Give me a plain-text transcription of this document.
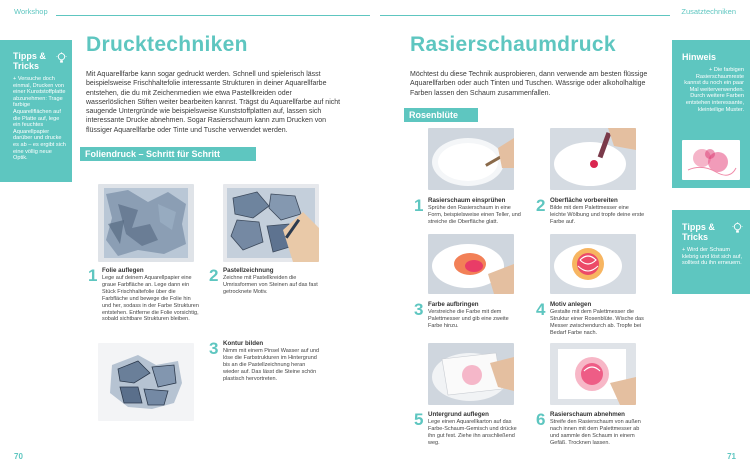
Workshop	Zusatztechniken
Tipps & Tricks
+ Versuche doch einmal, Drucken von einer Kunststoffplatte abzunehmen: Trage farbige Aquarellflächen auf die Platte auf, lege ein feuchtes Aquarellpapier darüber und drucke es ab – es ergibt sich eine völlig neue Optik.
Drucktechniken
Mit Aquarellfarbe kann sogar gedruckt werden. Schnell und spielerisch lässt beispielsweise Frischhaltefolie interessante Strukturen in deiner Aquarellfarbe entstehen, die du mit Zeichenmedien wie etwa Pastellkreiden oder wasserlöslichen Stiften weiter bearbeiten kannst. Trägst du Aquarellfarbe auf nicht saugende Untergründe wie beispielsweise Kunststoffplatten auf, lassen sich interessante Drucke abnehmen. Sogar Rasierschaum kann zum Drucken von flüssiger Aquarellfarbe oder Tinte und Tusche verwendet werden.
Foliendruck – Schritt für Schritt
1 Folie auflegen
Lege auf deinem Aquarellpapier eine graue Farbfläche an. Lege dann ein Stück Frischhaltefolie über die Farbfläche und bewege die Folie hin und her, sodass in der Farbe Strukturen entstehen. Entferne die Folie vorsichtig, sobald sichtbare Strukturen bleiben.
2 Pastellzeichnung
Zeichne mit Pastellkreiden die Umrissformen von Steinen auf das fast getrocknete Motiv.
3 Kontur bilden
Nimm mit einem Pinsel Wasser auf und löse die Farbstrukturen im Hintergrund bis an die Pastellzeichnung heran wieder auf. Das lässt die Steine schön plastisch hervortreten.
70
Rasierschaumdruck
Möchtest du diese Technik ausprobieren, dann verwende am besten flüssige Aquarellfarben oder auch Tinten und Tuschen. Wässrige oder alkoholhaltige Farben lassen den Schaum zusammenfallen.
Rosenblüte
1 Rasierschaum einsprühen
Sprühe den Rasierschaum in eine Form, beispielsweise einen Teller, und streiche die Oberfläche glatt.
2 Oberfläche vorbereiten
Bilde mit dem Palettmesser eine leichte Wölbung und tropfe deine erste Farbe auf.
3 Farbe aufbringen
Verstreiche die Farbe mit dem Palettmesser und gib eine zweite Farbe hinzu.
4 Motiv anlegen
Gestalte mit dem Palettmesser die Struktur einer Rosenblüte. Wische das Messer zwischendurch ab. Tropfe bei Bedarf Farbe nach.
5 Untergrund auflegen
Lege einen Aquarellkarton auf das Farbe-Schaum-Gemisch und drücke ihn gut fest. Ziehe ihn anschließend weg.
6 Rasierschaum abnehmen
Streife den Rasierschaum von außen nach innen mit dem Palettmesser ab und sammle den Schaum in einem Gefäß. Trocknen lassen.
Hinweis
+ Die farbigen Rasierschaumreste kannst du noch ein paar Mal weiterverwenden. Durch weitere Farben entstehen interessante, kleinteilige Muster.
Tipps & Tricks
+ Wird der Schaum klebrig und löst sich auf, solltest du ihn erneuern.
71
